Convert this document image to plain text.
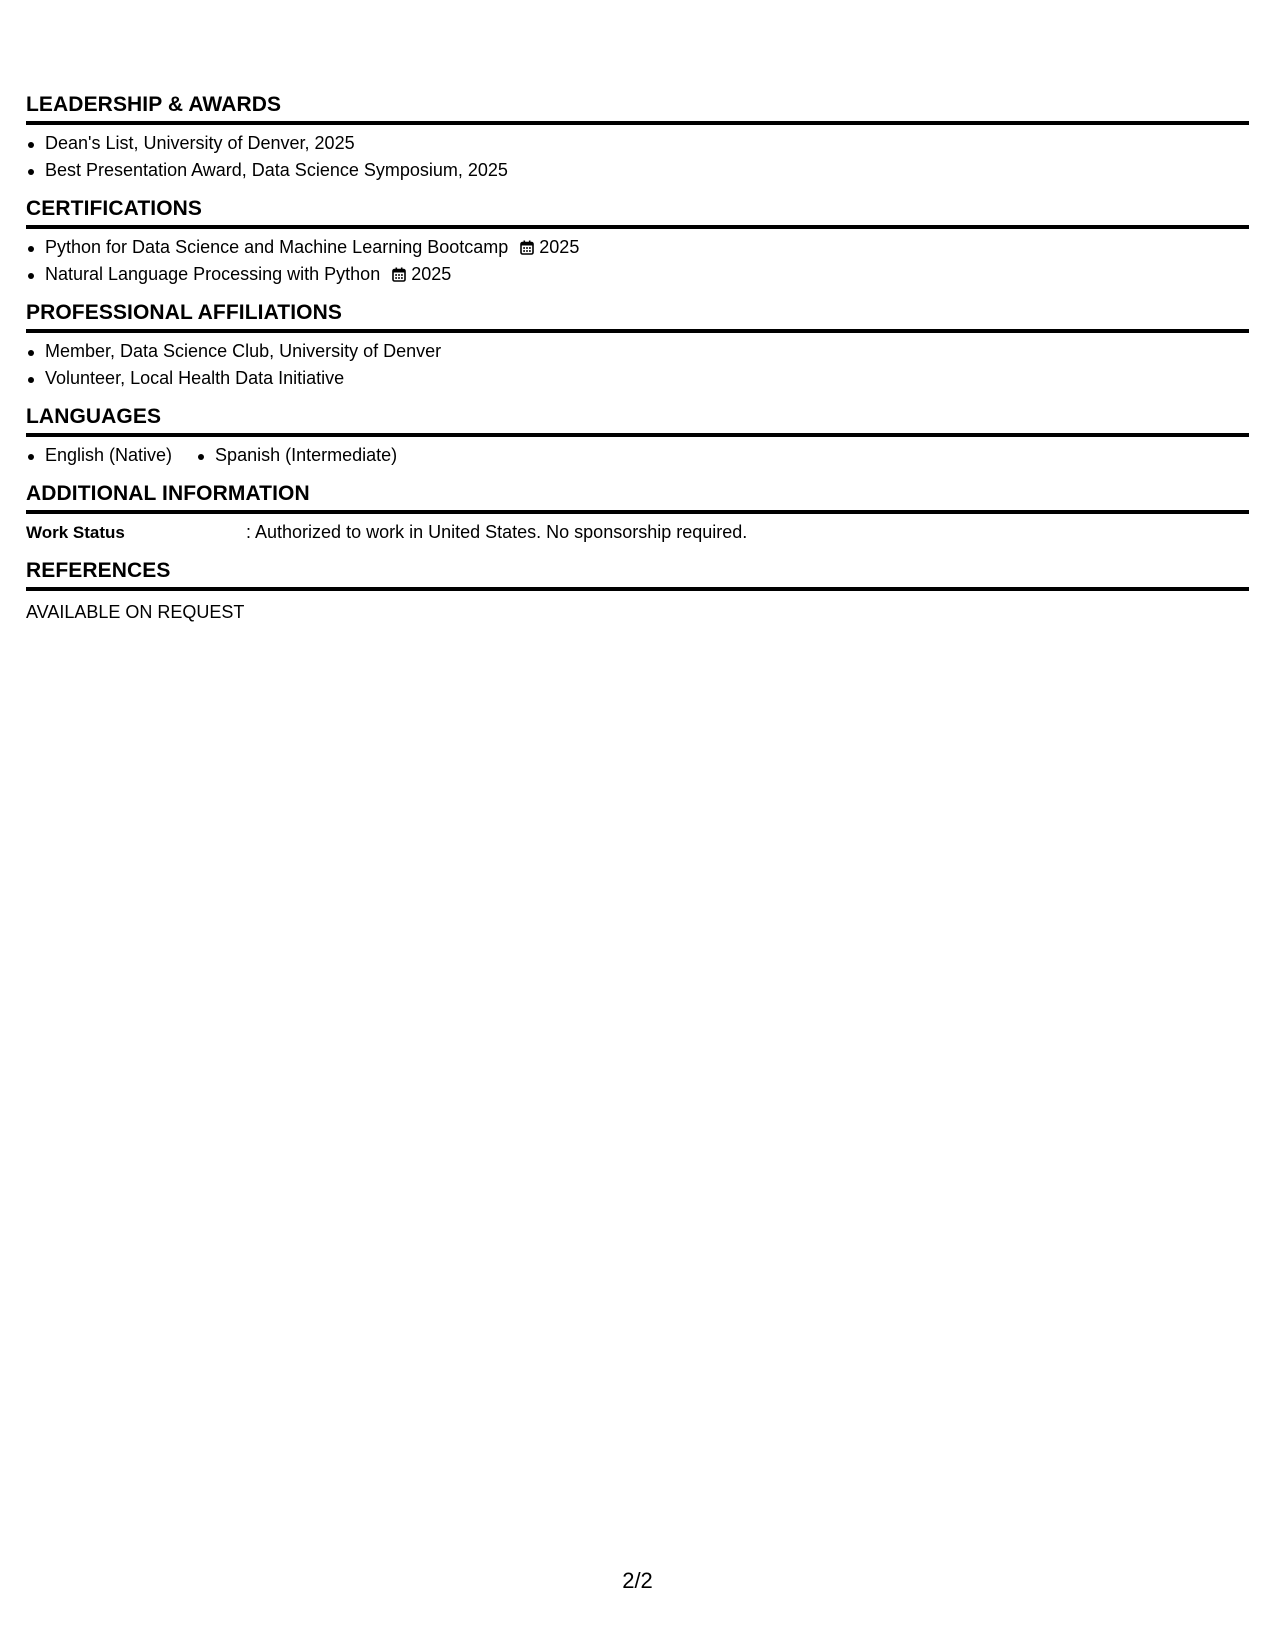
LEADERSHIP & AWARDS
Dean's List, University of Denver, 2025
Best Presentation Award, Data Science Symposium, 2025
CERTIFICATIONS
Python for Data Science and Machine Learning Bootcamp 2025
Natural Language Processing with Python 2025
PROFESSIONAL AFFILIATIONS
Member, Data Science Club, University of Denver
Volunteer, Local Health Data Initiative
LANGUAGES
English (Native)	Spanish (Intermediate)
ADDITIONAL INFORMATION
Work Status	: Authorized to work in United States. No sponsorship required.
REFERENCES
AVAILABLE ON REQUEST
2/2
